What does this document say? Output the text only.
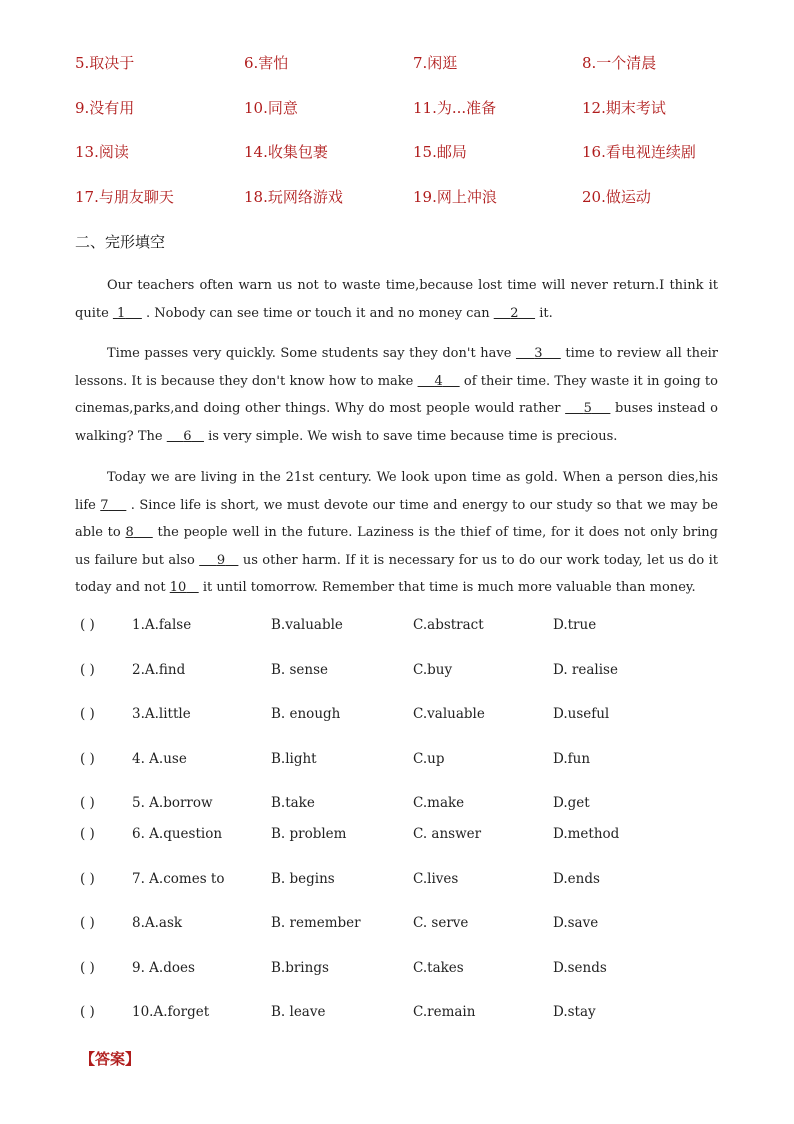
5.取决于	6.害怕	7.闲逛	8.一个清晨
9.没有用	10.同意	11.为...准备	12.期末考试
13.阅读	14.收集包裹	15.邮局	16.看电视连续剧
17.与朋友聊天	18.玩网络游戏	19.网上冲浪	20.做运动
二、完形填空
Our teachers often warn us not to waste time,because lost time will never return.I think it quite  1     . Nobody can see time or touch it and no money can     2     it.
Time passes very quickly. Some students say they don't have     3     time to review all their lessons. It is because they don't know how to make     4     of their time. They waste it in going to cinemas,parks,and doing other things. Why do most people would rather     5     buses instead o walking? The     6    is very simple. We wish to save time because time is precious.
Today we are living in the 21st century. We look upon time as gold. When a person dies,his life 7     . Since life is short, we must devote our time and energy to our study so that we may be able to 8     the people well in the future. Laziness is the thief of time, for it does not only bring us failure but also     9    us other harm. If it is necessary for us to do our work today, let us do it today and not 10    it until tomorrow. Remember that time is much more valuable than money.
( )	1.A.false	B.valuable	C.abstract	D.true
( )	2.A.find	B. sense	C.buy	D. realise
( )	3.A.little	B. enough	C.valuable	D.useful
( )	4. A.use	B.light	C.up	D.fun
( )	5. A.borrow	B.take	C.make	D.get
( )	6. A.question	B. problem	C. answer	D.method
( )	7. A.comes to	B. begins	C.lives	D.ends
( )	8.A.ask	B. remember	C. serve	D.save
( )	9. A.does	B.brings	C.takes	D.sends
( )	10.A.forget	B. leave	C.remain	D.stay
【答案】
